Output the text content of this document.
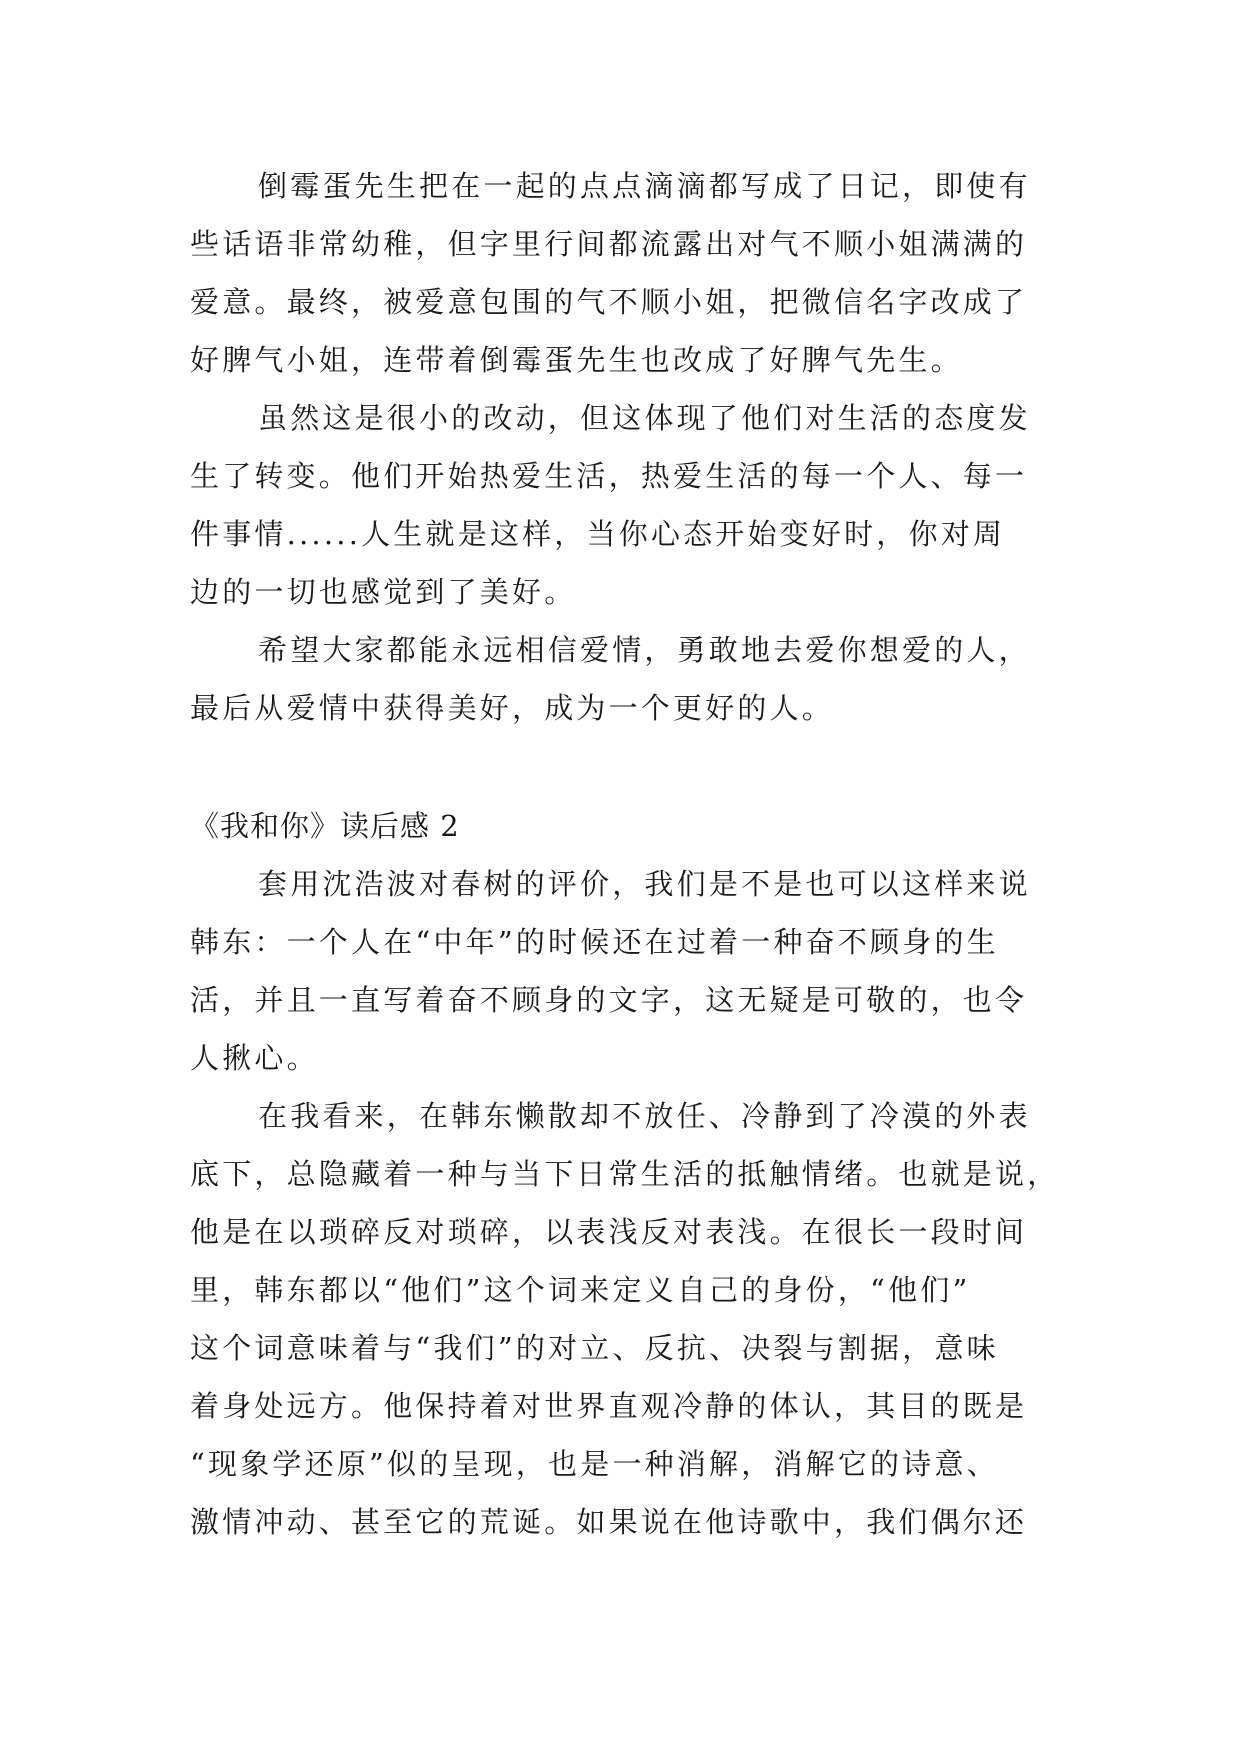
倒霉蛋先生把在一起的点点滴滴都写成了日记，即使有
些话语非常幼稚，但字里行间都流露出对气不顺小姐满满的
爱意。最终，被爱意包围的气不顺小姐，把微信名字改成了
好脾气小姐，连带着倒霉蛋先生也改成了好脾气先生。
虽然这是很小的改动，但这体现了他们对生活的态度发
生了转变。他们开始热爱生活，热爱生活的每一个人、每一
件事情......人生就是这样，当你心态开始变好时，你对周
边的一切也感觉到了美好。
希望大家都能永远相信爱情，勇敢地去爱你想爱的人，
最后从爱情中获得美好，成为一个更好的人。
《我和你》读后感 2
套用沈浩波对春树的评价，我们是不是也可以这样来说
韩东：一个人在“中年”的时候还在过着一种奋不顾身的生
活，并且一直写着奋不顾身的文字，这无疑是可敬的，也令
人揪心。
在我看来，在韩东懒散却不放任、冷静到了冷漠的外表
底下，总隐藏着一种与当下日常生活的抵触情绪。也就是说，
他是在以琐碎反对琐碎，以表浅反对表浅。在很长一段时间
里，韩东都以“他们”这个词来定义自己的身份，“他们”
这个词意味着与“我们”的对立、反抗、决裂与割据，意味
着身处远方。他保持着对世界直观冷静的体认，其目的既是
“现象学还原”似的呈现，也是一种消解，消解它的诗意、
激情冲动、甚至它的荒诞。如果说在他诗歌中，我们偶尔还
